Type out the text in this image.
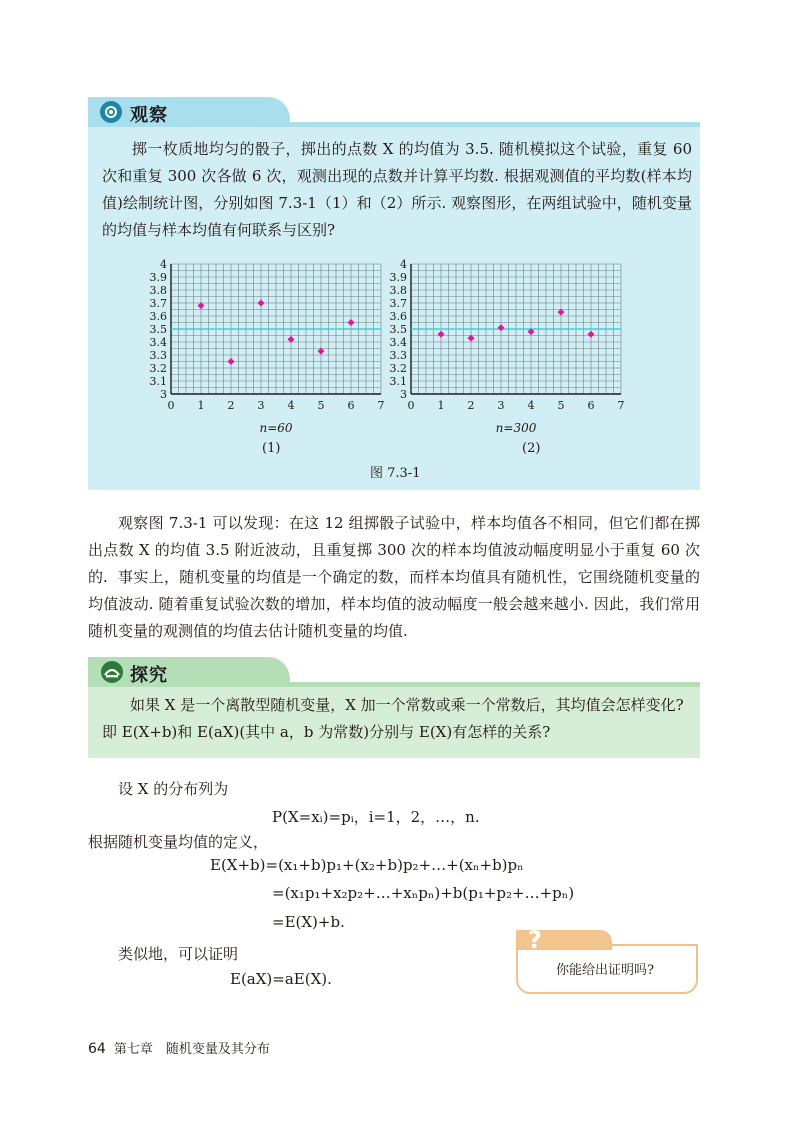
观察
掷一枚质地均匀的骰子，掷出的点数 X 的均值为 3.5. 随机模拟这个试验，重复 60 次和重复 300 次各做 6 次，观测出现的点数并计算平均数. 根据观测值的平均数(样本均值)绘制统计图，分别如图 7.3-1（1）和（2）所示. 观察图形，在两组试验中，随机变量的均值与样本均值有何联系与区别?
3
3.1
3.2
3.3
3.4
3.5
3.6
3.7
3.8
3.9
4
0 1 2 3 4 5 6 7
n=60
3
3.1
3.2
3.3
3.4
3.5
3.6
3.7
3.8
3.9
4
0 1 2 3 4 5 6 7
n=300
(1)	(2)
图 7.3-1
观察图 7.3-1 可以发现：在这 12 组掷骰子试验中，样本均值各不相同，但它们都在掷出点数 X 的均值 3.5 附近波动，且重复掷 300 次的样本均值波动幅度明显小于重复 60 次的. 事实上，随机变量的均值是一个确定的数，而样本均值具有随机性，它围绕随机变量的均值波动. 随着重复试验次数的增加，样本均值的波动幅度一般会越来越小. 因此，我们常用随机变量的观测值的均值去估计随机变量的均值.
探究
如果 X 是一个离散型随机变量，X 加一个常数或乘一个常数后，其均值会怎样变化? 即 E(X+b)和 E(aX)(其中 a，b 为常数)分别与 E(X)有怎样的关系?
设 X 的分布列为
P(X=xᵢ)=pᵢ，i=1，2，…，n.
根据随机变量均值的定义，
E(X+b)=(x₁+b)p₁+(x₂+b)p₂+…+(xₙ+b)pₙ
=(x₁p₁+x₂p₂+…+xₙpₙ)+b(p₁+p₂+…+pₙ)
=E(X)+b.
类似地，可以证明
E(aX)=aE(X).
?
你能给出证明吗?
64 第七章　随机变量及其分布
